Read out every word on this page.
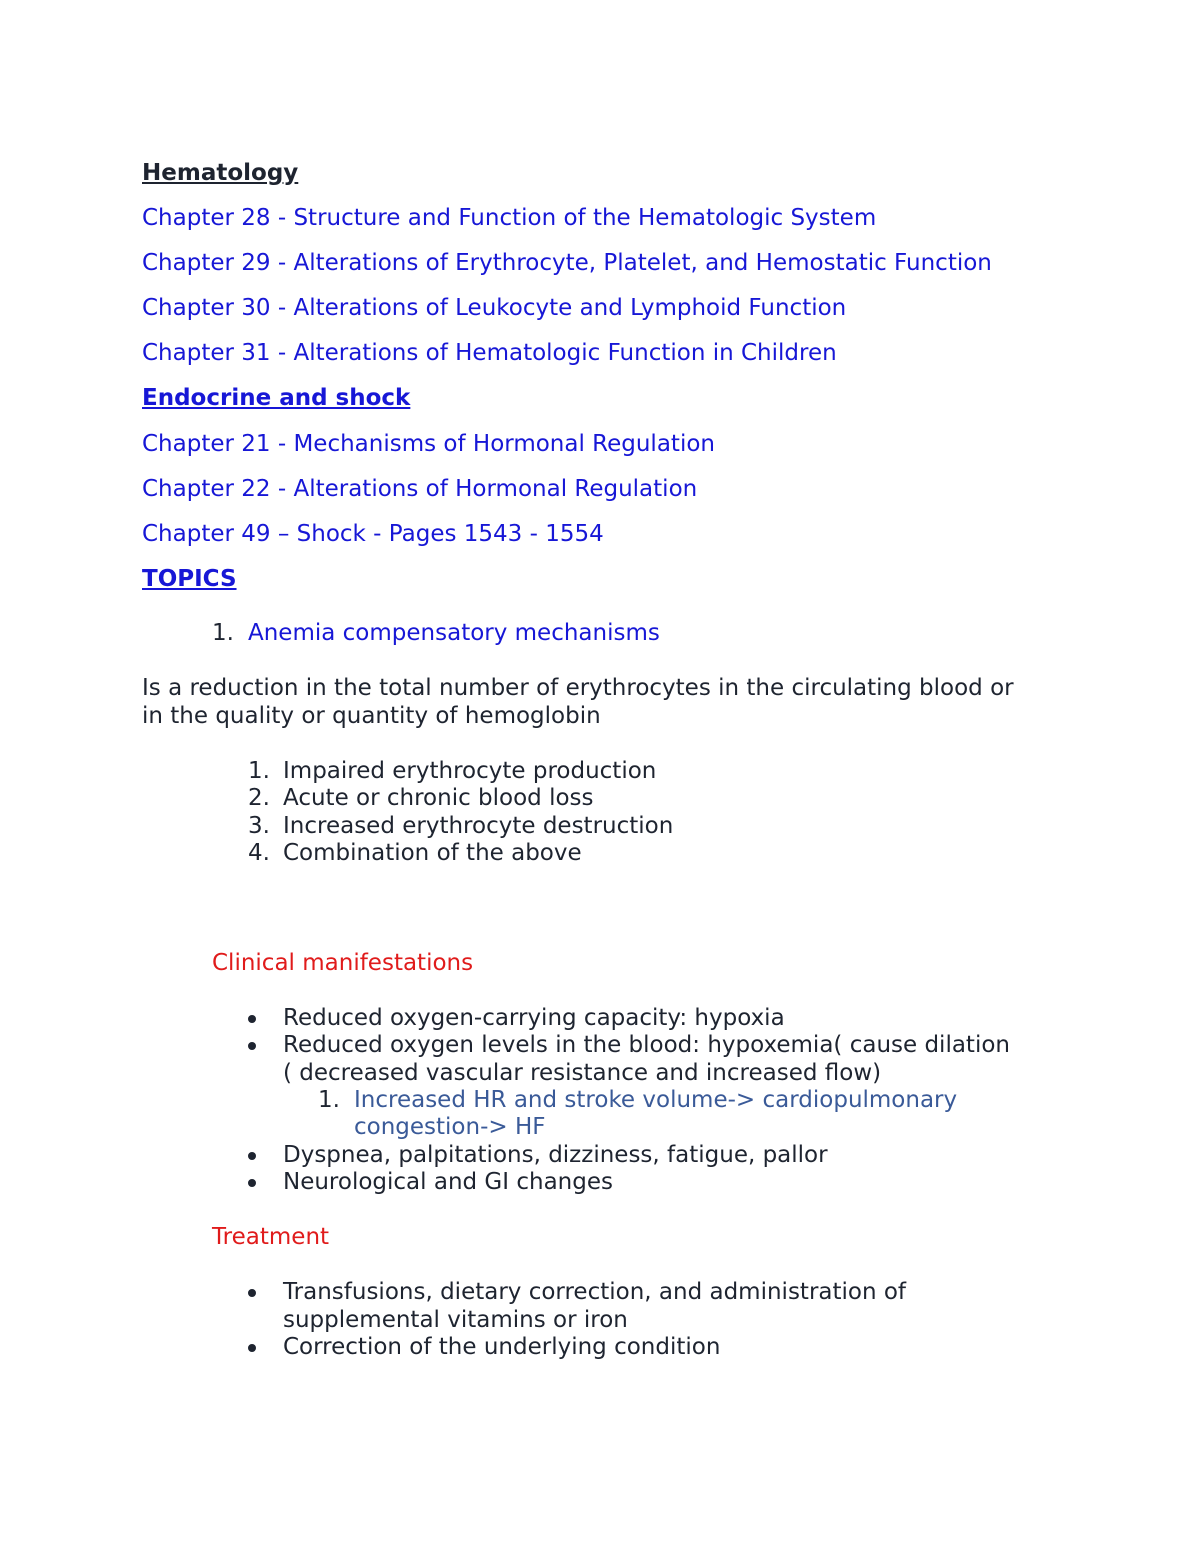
Hematology
Chapter 28 - Structure and Function of the Hematologic System
Chapter 29 - Alterations of Erythrocyte, Platelet, and Hemostatic Function
Chapter 30 - Alterations of Leukocyte and Lymphoid Function
Chapter 31 - Alterations of Hematologic Function in Children
Endocrine and shock
Chapter 21 - Mechanisms of Hormonal Regulation
Chapter 22 - Alterations of Hormonal Regulation
Chapter 49 – Shock - Pages 1543 - 1554
TOPICS
1. Anemia compensatory mechanisms
Is a reduction in the total number of erythrocytes in the circulating blood or
in the quality or quantity of hemoglobin
1. Impaired erythrocyte production
2. Acute or chronic blood loss
3. Increased erythrocyte destruction
4. Combination of the above
Clinical manifestations
Reduced oxygen-carrying capacity: hypoxia
Reduced oxygen levels in the blood: hypoxemia( cause dilation
( decreased vascular resistance and increased flow)
1. Increased HR and stroke volume-> cardiopulmonary
congestion-> HF
Dyspnea, palpitations, dizziness, fatigue, pallor
Neurological and GI changes
Treatment
Transfusions, dietary correction, and administration of
supplemental vitamins or iron
Correction of the underlying condition
